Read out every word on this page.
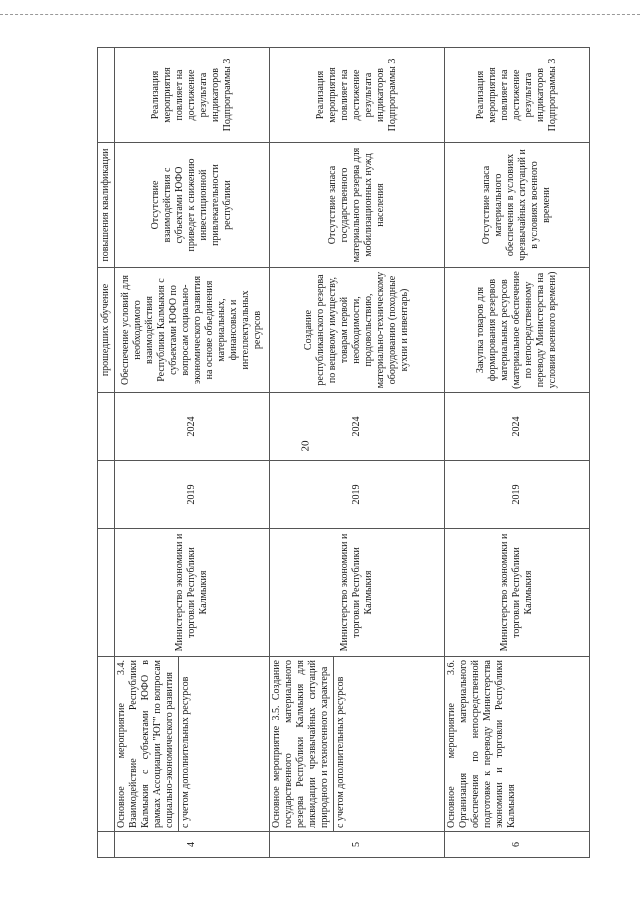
20
					прошедших обучение	повышения квалификации	
4	Основное мероприятие 3.4. Взаимодействие Республики Калмыкия с субъектами ЮФО в рамках Ассоциации "ЮГ" по вопросам социально-экономического развития с учетом дополнительных ресурсов	Министерство экономики и торговли Республики Калмыкия	2019	2024	Обеспечение условий для необходимого взаимодействия Республики Калмыкия с субъектами ЮФО по вопросам социально-экономического развития на основе объединения материальных, финансовых и интеллектуальных ресурсов	Отсутствие взаимодействия с субъектами ЮФО приведет к снижению инвестиционной привлекательности республики	Реализация мероприятия повлияет на достижение результата индикаторов Подпрограммы 3
5	Основное мероприятие 3.5. Создание государственного материального резерва Республики Калмыкия для ликвидации чрезвычайных ситуаций природного и техногенного характера с учетом дополнительных ресурсов	Министерство экономики и торговли Республики Калмыкия	2019	2024	Создание республиканского резерва по вещевому имуществу, товарам первой необходимости, продовольствию, материально-техническому оборудованию (походные кухни и инвентарь)	Отсутствие запаса государственного материального резерва для мобилизационных нужд населения	Реализация мероприятия повлияет на достижение результата индикаторов Подпрограммы 3
6	Основное мероприятие 3.6. Организация материального обеспечения по непосредственной подготовке к переводу Министерства экономики и торговли Республики Калмыкия	Министерство экономики и торговли Республики Калмыкия	2019	2024	Закупка товаров для формирования резервов материальных ресурсов (материальное обеспечение по непосредственному переводу Министерства на условия военного времени)	Отсутствие запаса материального обеспечения в условиях чрезвычайных ситуаций и в условиях военного времени	Реализация мероприятия повлияет на достижение результата индикаторов Подпрограммы 3
